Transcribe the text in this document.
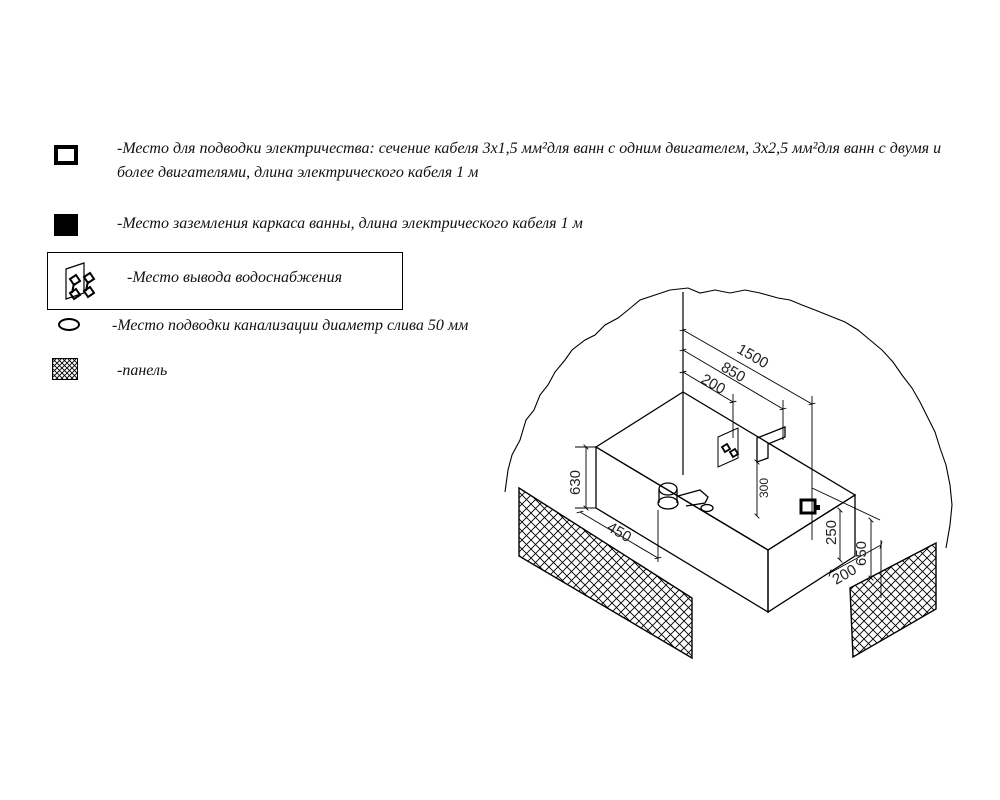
-Место для подводки электричества: сечение кабеля 3х1,5 мм²для ванн с одним двигателем, 3х2,5 мм²для ванн с двумя и
более двигателями, длина электрического кабеля 1 м
-Место заземления каркаса ванны, длина электрического кабеля 1 м
-Место вывода водоснабжения
-Место подводки канализации диаметр слива 50 мм
-панель	1500
850
200
630	300
450	250
650
200
